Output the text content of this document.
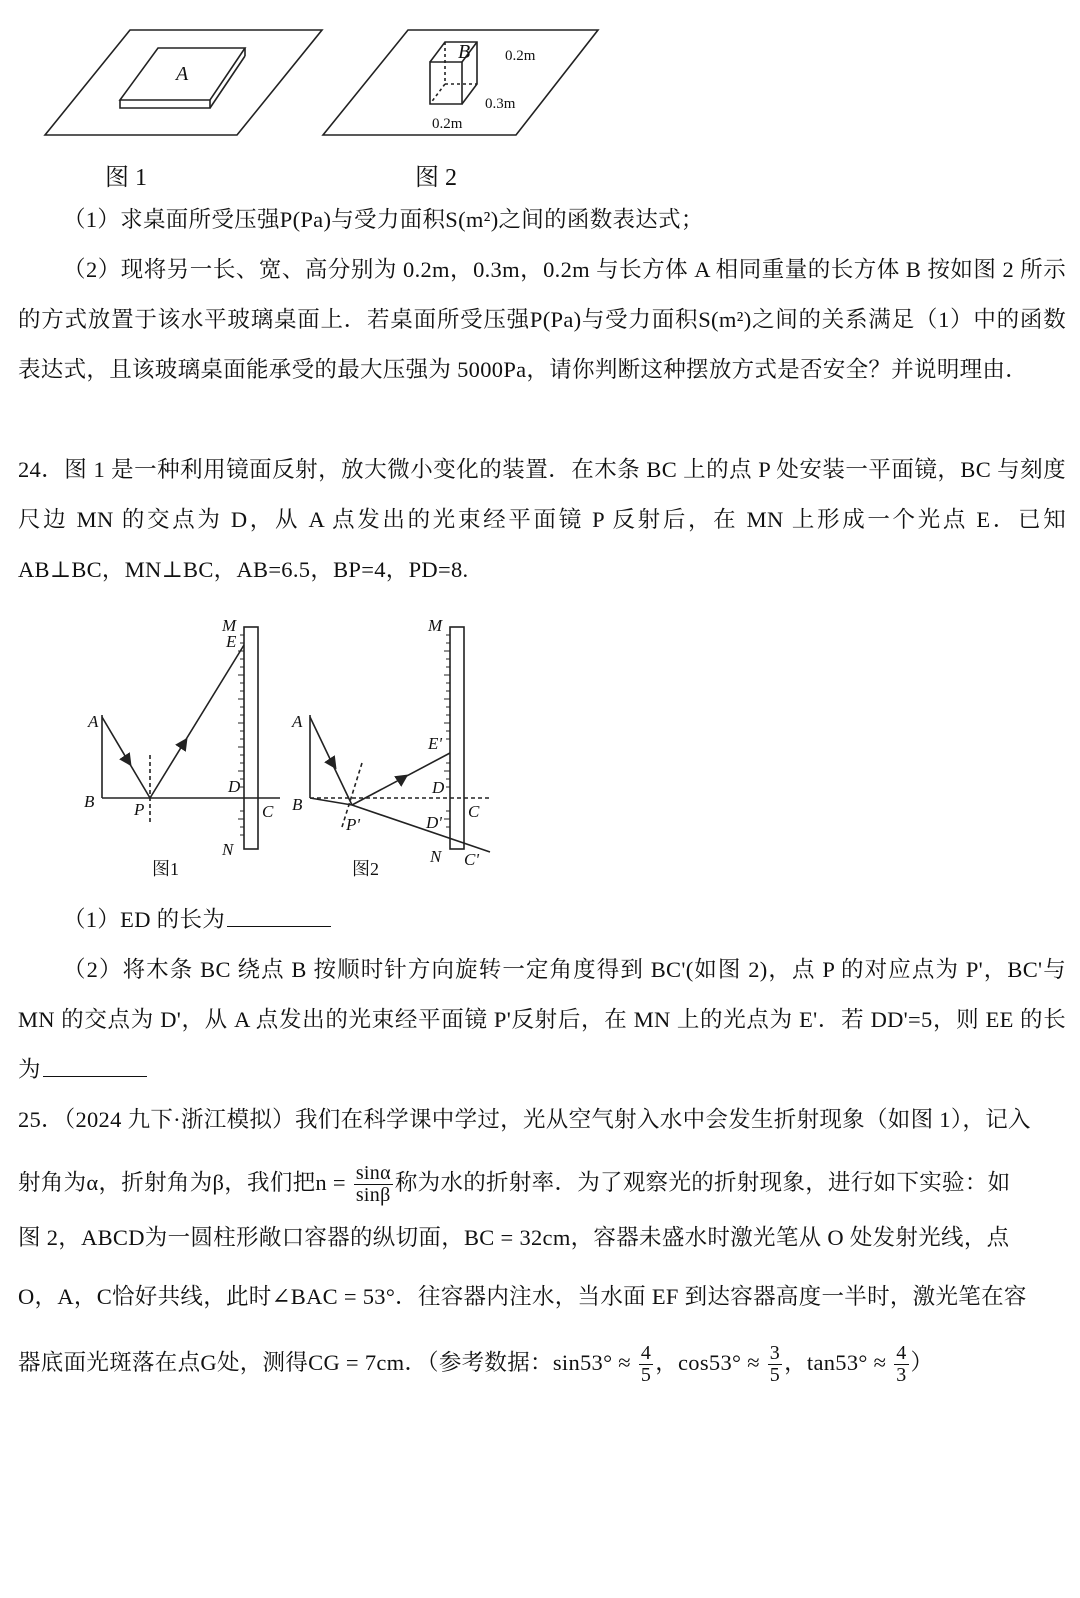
A
B 0.2m
0.3m
0.2m
图 1	图 2
（1）求桌面所受压强P(Pa)与受力面积S(m²)之间的函数表达式；
（2）现将另一长、宽、高分别为 0.2m，0.3m，0.2m 与长方体 A 相同重量的长方体 B 按如图 2 所示的方式放置于该水平玻璃桌面上．若桌面所受压强P(Pa)与受力面积S(m²)之间的关系满足（1）中的函数表达式，且该玻璃桌面能承受的最大压强为 5000Pa，请你判断这种摆放方式是否安全？并说明理由．
24．图 1 是一种利用镜面反射，放大微小变化的装置．在木条 BC 上的点 P 处安装一平面镜，BC 与刻度尺边 MN 的交点为 D，从 A 点发出的光束经平面镜 P 反射后，在 MN 上形成一个光点 E．已知 AB⊥BC，MN⊥BC，AB=6.5，BP=4，PD=8.
M
E
A
B P
D
C
N
图1
M
A
E'
D
B
P'	D'
C
N C'
图2
（1）ED 的长为
（2）将木条 BC 绕点 B 按顺时针方向旋转一定角度得到 BC'(如图 2)，点 P 的对应点为 P'，BC'与 MN 的交点为 D'，从 A 点发出的光束经平面镜 P'反射后，在 MN 上的光点为 E'．若 DD'=5，则 EE 的长为
25．（2024 九下·浙江模拟）我们在科学课中学过，光从空气射入水中会发生折射现象（如图 1），记入
射角为α，折射角为β，我们把$n = \frac{\sin\alpha}{\sin\beta}$ 称为水的折射率．为了观察光的折射现象，进行如下实验：如
图 2，ABCD为一圆柱形敞口容器的纵切面，BC = 32cm，容器未盛水时激光笔从 O 处发射光线，点
O，A，C恰好共线，此时∠BAC = 53°．往容器内注水，当水面 EF 到达容器高度一半时，激光笔在容
器底面光斑落在点G处，测得CG = 7cm．（参考数据：$\sin 53^\circ \approx \frac{4}{5}$ ，$\cos 53^\circ \approx \frac{3}{5}$ ，$\tan 53^\circ \approx \frac{4}{3}$ ）
